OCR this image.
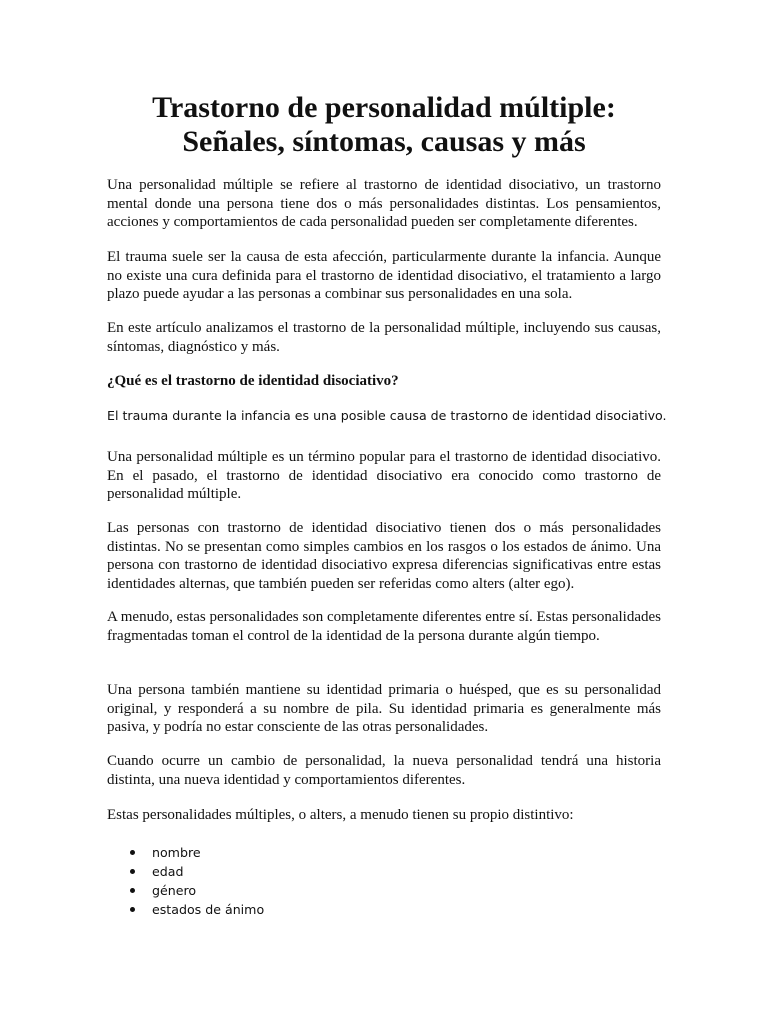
Trastorno de personalidad múltiple: Señales, síntomas, causas y más

Una personalidad múltiple se refiere al trastorno de identidad disociativo, un trastorno mental donde una persona tiene dos o más personalidades distintas. Los pensamientos, acciones y comportamientos de cada personalidad pueden ser completamente diferentes.

El trauma suele ser la causa de esta afección, particularmente durante la infancia. Aunque no existe una cura definida para el trastorno de identidad disociativo, el tratamiento a largo plazo puede ayudar a las personas a combinar sus personalidades en una sola.

En este artículo analizamos el trastorno de la personalidad múltiple, incluyendo sus causas, síntomas, diagnóstico y más.

¿Qué es el trastorno de identidad disociativo?

El trauma durante la infancia es una posible causa de trastorno de identidad disociativo.

Una personalidad múltiple es un término popular para el trastorno de identidad disociativo. En el pasado, el trastorno de identidad disociativo era conocido como trastorno de personalidad múltiple.

Las personas con trastorno de identidad disociativo tienen dos o más personalidades distintas. No se presentan como simples cambios en los rasgos o los estados de ánimo. Una persona con trastorno de identidad disociativo expresa diferencias significativas entre estas identidades alternas, que también pueden ser referidas como alters (alter ego).

A menudo, estas personalidades son completamente diferentes entre sí. Estas personalidades fragmentadas toman el control de la identidad de la persona durante algún tiempo.

Una persona también mantiene su identidad primaria o huésped, que es su personalidad original, y responderá a su nombre de pila. Su identidad primaria es generalmente más pasiva, y podría no estar consciente de las otras personalidades.

Cuando ocurre un cambio de personalidad, la nueva personalidad tendrá una historia distinta, una nueva identidad y comportamientos diferentes.

Estas personalidades múltiples, o alters, a menudo tienen su propio distintivo:

nombre
edad
género
estados de ánimo
